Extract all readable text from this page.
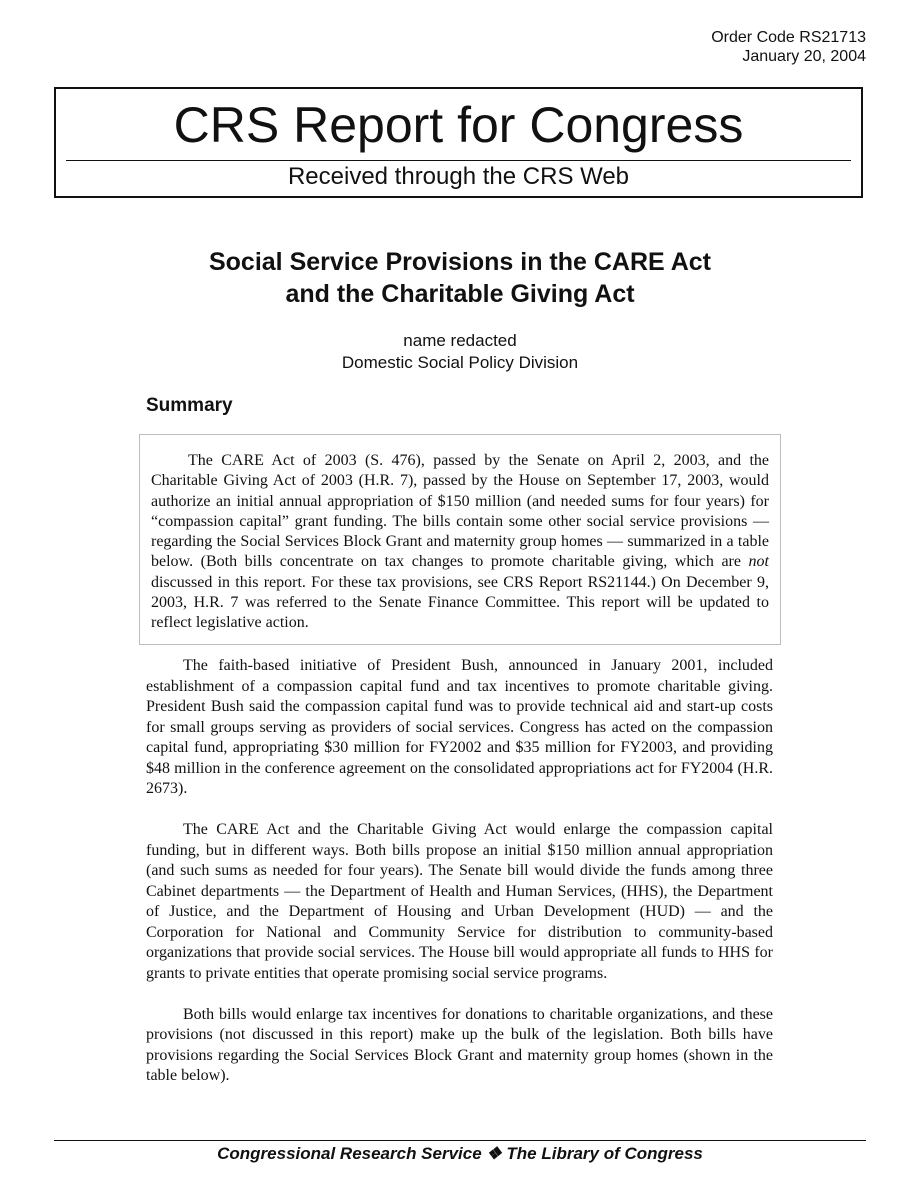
Order Code RS21713
January 20, 2004
CRS Report for Congress
Received through the CRS Web
Social Service Provisions in the CARE Act
and the Charitable Giving Act
name redacted
Domestic Social Policy Division
Summary

The CARE Act of 2003 (S. 476), passed by the Senate on April 2, 2003, and the Charitable Giving Act of 2003 (H.R. 7), passed by the House on September 17, 2003, would authorize an initial annual appropriation of $150 million (and needed sums for four years) for “compassion capital” grant funding. The bills contain some other social service provisions — regarding the Social Services Block Grant and maternity group homes — summarized in a table below. (Both bills concentrate on tax changes to promote charitable giving, which are not discussed in this report. For these tax provisions, see CRS Report RS21144.) On December 9, 2003, H.R. 7 was referred to the Senate Finance Committee. This report will be updated to reflect legislative action.

The faith-based initiative of President Bush, announced in January 2001, included establishment of a compassion capital fund and tax incentives to promote charitable giving. President Bush said the compassion capital fund was to provide technical aid and start-up costs for small groups serving as providers of social services. Congress has acted on the compassion capital fund, appropriating $30 million for FY2002 and $35 million for FY2003, and providing $48 million in the conference agreement on the consolidated appropriations act for FY2004 (H.R. 2673).

The CARE Act and the Charitable Giving Act would enlarge the compassion capital funding, but in different ways. Both bills propose an initial $150 million annual appropriation (and such sums as needed for four years). The Senate bill would divide the funds among three Cabinet departments — the Department of Health and Human Services, (HHS), the Department of Justice, and the Department of Housing and Urban Development (HUD) — and the Corporation for National and Community Service for distribution to community-based organizations that provide social services. The House bill would appropriate all funds to HHS for grants to private entities that operate promising social service programs.

Both bills would enlarge tax incentives for donations to charitable organizations, and these provisions (not discussed in this report) make up the bulk of the legislation. Both bills have provisions regarding the Social Services Block Grant and maternity group homes (shown in the table below).

Congressional Research Service ❖ The Library of Congress
